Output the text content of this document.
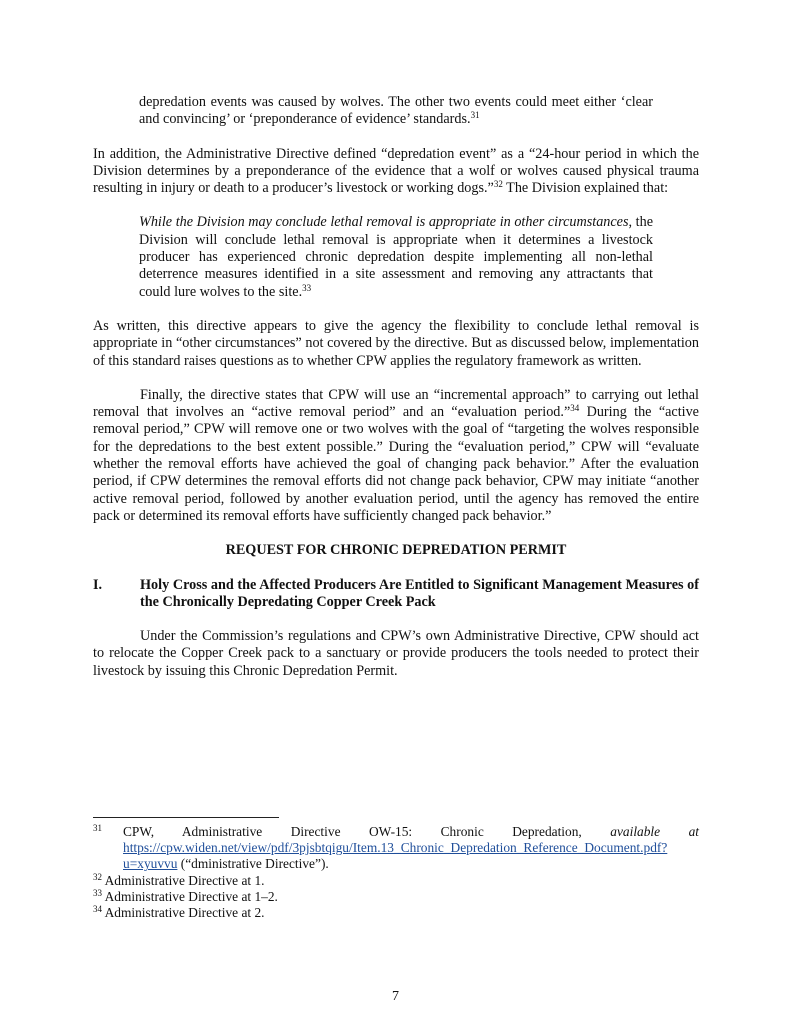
depredation events was caused by wolves. The other two events could meet either ‘clear and convincing’ or ‘preponderance of evidence’ standards.$^{31}$

In addition, the Administrative Directive defined “depredation event” as a “24-hour period in which the Division determines by a preponderance of the evidence that a wolf or wolves caused physical trauma resulting in injury or death to a producer’s livestock or working dogs.”$^{32}$ The Division explained that:

While the Division may conclude lethal removal is appropriate in other circumstances, the Division will conclude lethal removal is appropriate when it determines a livestock producer has experienced chronic depredation despite implementing all non-lethal deterrence measures identified in a site assessment and removing any attractants that could lure wolves to the site.$^{33}$

As written, this directive appears to give the agency the flexibility to conclude lethal removal is appropriate in “other circumstances” not covered by the directive. But as discussed below, implementation of this standard raises questions as to whether CPW applies the regulatory framework as written.

Finally, the directive states that CPW will use an “incremental approach” to carrying out lethal removal that involves an “active removal period” and an “evaluation period.”$^{34}$ During the “active removal period,” CPW will remove one or two wolves with the goal of “targeting the wolves responsible for the depredations to the best extent possible.” During the “evaluation period,” CPW will “evaluate whether the removal efforts have achieved the goal of changing pack behavior.” After the evaluation period, if CPW determines the removal efforts did not change pack behavior, CPW may initiate “another active removal period, followed by another evaluation period, until the agency has removed the entire pack or determined its removal efforts have sufficiently changed pack behavior.”

REQUEST FOR CHRONIC DEPREDATION PERMIT

I.	Holy Cross and the Affected Producers Are Entitled to Significant Management Measures of the Chronically Depredating Copper Creek Pack

Under the Commission’s regulations and CPW’s own Administrative Directive, CPW should act to relocate the Copper Creek pack to a sanctuary or provide producers the tools needed to protect their livestock by issuing this Chronic Depredation Permit.

$^{31}$	CPW, Administrative Directive OW-15: Chronic Depredation, available at https://cpw.widen.net/view/pdf/3pjsbtqigu/Item.13_Chronic_Depredation_Reference_Document.pdf?u=xyuvvu (“dministrative Directive”).

$^{32}$ Administrative Directive at 1.

$^{33}$ Administrative Directive at 1–2.

$^{34}$ Administrative Directive at 2.

7
